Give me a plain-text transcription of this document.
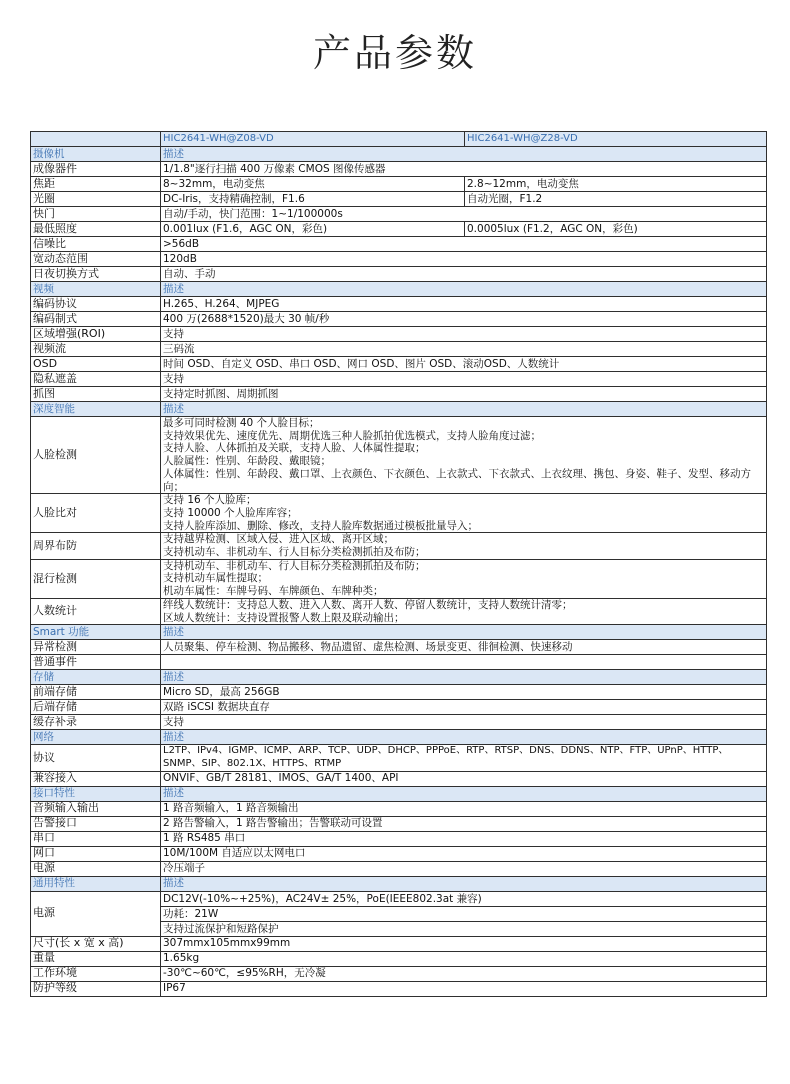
产品参数
	HIC2641-WH@Z08-VD	HIC2641-WH@Z28-VD
摄像机	描述	
成像器件	1/1.8"逐行扫描 400 万像素 CMOS 图像传感器	
焦距	8~32mm，电动变焦	2.8~12mm，电动变焦
光圈	DC-Iris，支持精确控制，F1.6	自动光圈，F1.2
快门	自动/手动，快门范围：1~1/100000s	
最低照度	0.001lux (F1.6，AGC ON，彩色)	0.0005lux (F1.2，AGC ON，彩色)
信噪比	>56dB	
宽动态范围	120dB	
日夜切换方式	自动、手动	
视频	描述	
编码协议	H.265、H.264、MJPEG	
编码制式	400 万(2688*1520)最大 30 帧/秒	
区域增强(ROI)	支持	
视频流	三码流	
OSD	时间 OSD、自定义 OSD、串口 OSD、网口 OSD、图片 OSD、滚动OSD、人数统计	
隐私遮盖	支持	
抓图	支持定时抓图、周期抓图	
深度智能	描述	
人脸检测	最多可同时检测 40 个人脸目标；
支持效果优先、速度优先、周期优选三种人脸抓拍优选模式，支持人脸角度过滤；
支持人脸、人体抓拍及关联，支持人脸、人体属性提取；
人脸属性：性别、年龄段、戴眼镜；
人体属性：性别、年龄段、戴口罩、上衣颜色、下衣颜色、上衣款式、下衣款式、上衣纹理、携包、身姿、鞋子、发型、移动方向；	

人脸比对	支持 16 个人脸库；
支持 10000 个人脸库库容；
支持人脸库添加、删除、修改，支持人脸库数据通过模板批量导入；	

周界布防	支持越界检测、区域入侵、进入区域、离开区域；
支持机动车、非机动车、行人目标分类检测抓拍及布防；	

混行检测	支持机动车、非机动车、行人目标分类检测抓拍及布防；
支持机动车属性提取；
机动车属性：车牌号码、车牌颜色、车牌种类；	

人数统计	绊线人数统计：支持总人数、进入人数、离开人数、停留人数统计，支持人数统计清零；
区域人数统计：支持设置报警人数上限及联动输出；	

Smart 功能	描述	
异常检测	人员聚集、停车检测、物品搬移、物品遗留、虚焦检测、场景变更、徘徊检测、快速移动	
普通事件		
存储	描述	
前端存储	Micro SD，最高 256GB	
后端存储	双路 iSCSI 数据块直存	
缓存补录	支持	
网络	描述	
协议	L2TP、IPv4、IGMP、ICMP、ARP、TCP、UDP、DHCP、PPPoE、RTP、RTSP、DNS、DDNS、NTP、FTP、UPnP、HTTP、
SNMP、SIP、802.1X、HTTPS、RTMP	

兼容接入	ONVIF、GB/T 28181、IMOS、GA/T 1400、API	
接口特性	描述	
音频输入输出	1 路音频输入，1 路音频输出	
告警接口	2 路告警输入，1 路告警输出；告警联动可设置	
串口	1 路 RS485 串口	
网口	10M/100M 自适应以太网电口	
电源	冷压端子	
通用特性	描述	
电源	DC12V(-10%~+25%)，AC24V± 25%，PoE(IEEE802.3at 兼容)
功耗：21W
支持过流保护和短路保护	

尺寸(长 x 宽 x 高)	307mmx105mmx99mm	
重量	1.65kg	
工作环境	-30℃~60℃，≤95%RH，无冷凝	
防护等级	IP67	
